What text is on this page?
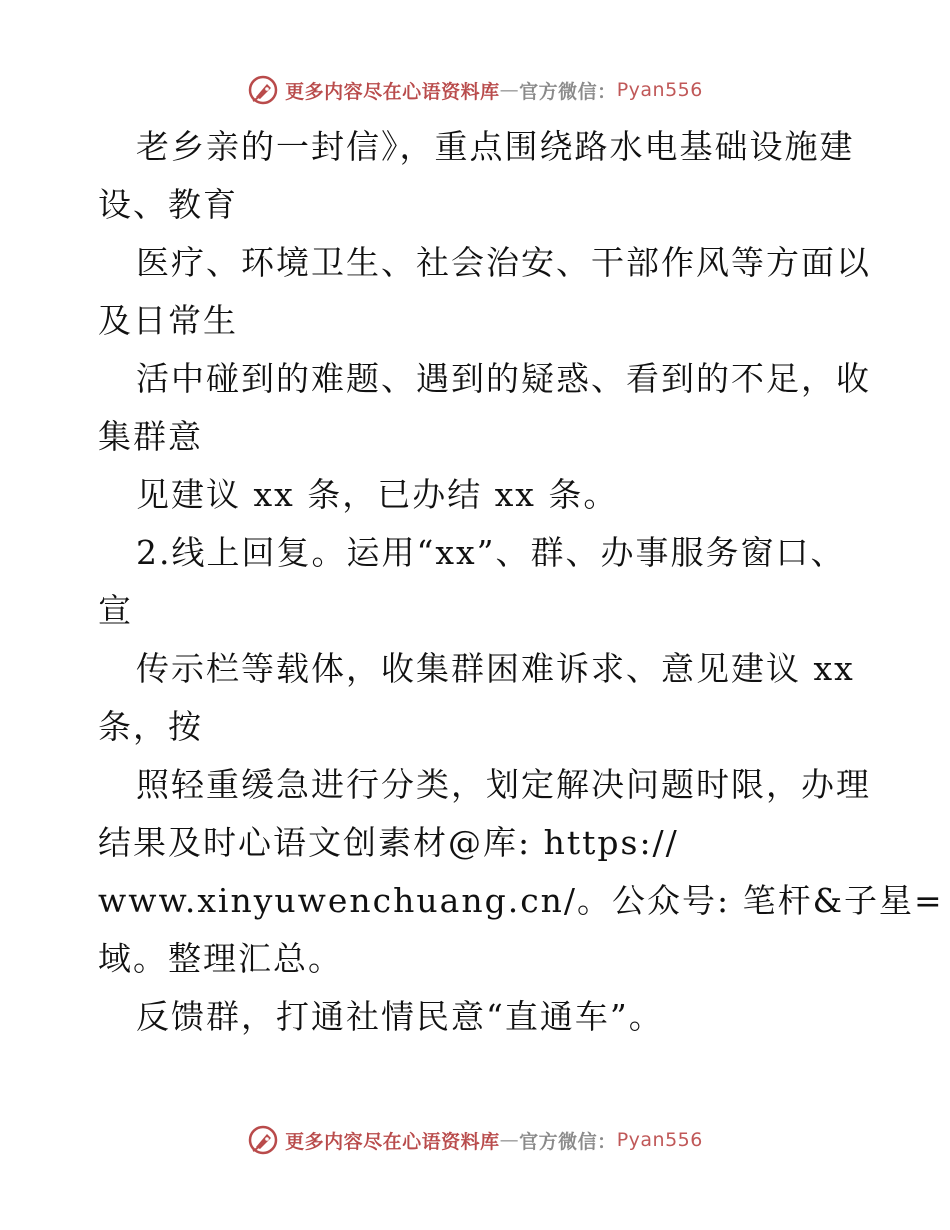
更多内容尽在心语资料库 — 官方微信： Pyan556
老乡亲的一封信》，重点围绕路水电基础设施建
设、教育
医疗、环境卫生、社会治安、干部作风等方面以
及日常生
活中碰到的难题、遇到的疑惑、看到的不足，收
集群意
见建议 xx 条，已办结 xx 条。
2.线上回复。运用“xx”、群、办事服务窗口、
宣
传示栏等载体，收集群困难诉求、意见建议 xx
条，按
照轻重缓急进行分类，划定解决问题时限，办理
结果及时心语文创素材@库: https://
www.xinyuwenchuang.cn/。公众号: 笔杆&子星=
域。整理汇总。
反馈群，打通社情民意“直通车”。
更多内容尽在心语资料库 — 官方微信： Pyan556
